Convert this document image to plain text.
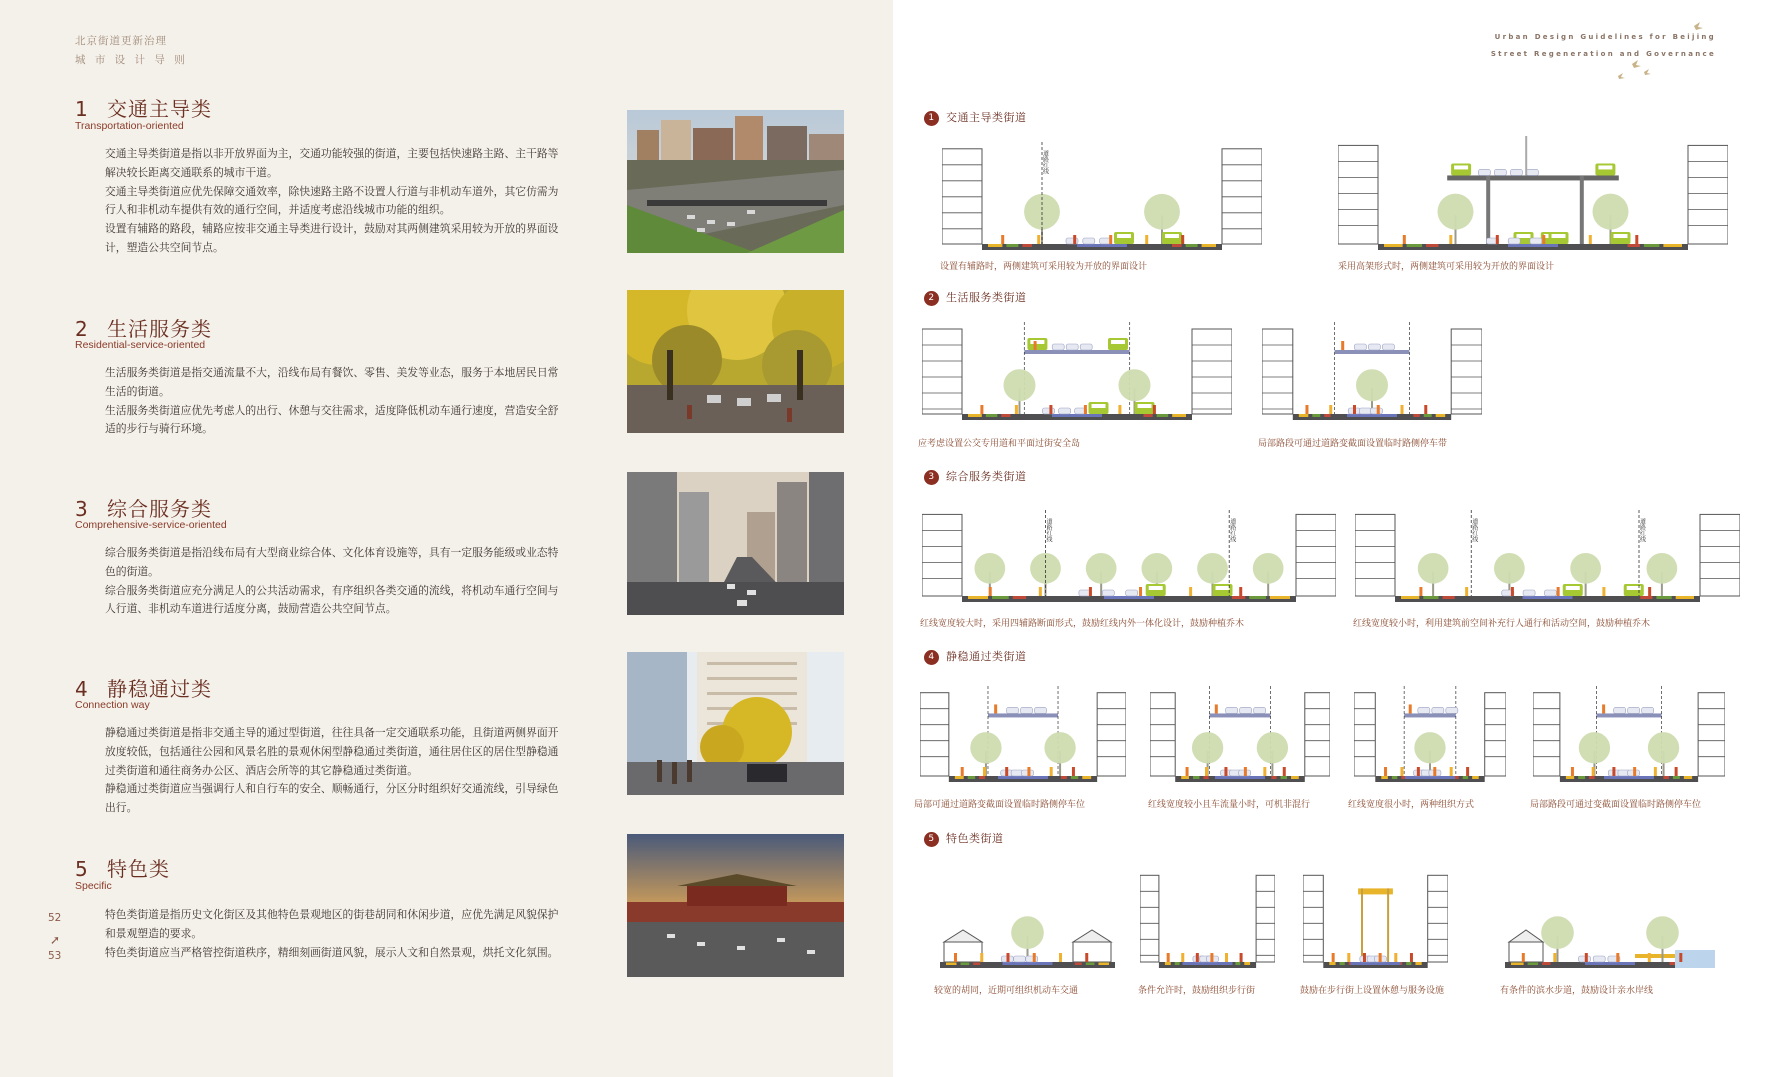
北京街道更新治理
城 市 设 计 导 则
Urban Design Guidelines for Beijing
Street Regeneration and Governance
1 交通主导类
Transportation-oriented

交通主导类街道是指以非开放界面为主，交通功能较强的街道，主要包括快速路主路、主干路等解决较长距离交通联系的城市干道。

交通主导类街道应优先保障交通效率，除快速路主路不设置人行道与非机动车道外，其它仿需为行人和非机动车提供有效的通行空间，并适度考虑沿线城市功能的组织。

设置有辅路的路段，辅路应按非交通主导类进行设计，鼓励对其两侧建筑采用较为开放的界面设计，塑造公共空间节点。

2 生活服务类
Residential-service-oriented

生活服务类街道是指交通流量不大，沿线布局有餐饮、零售、美发等业态，服务于本地居民日常生活的街道。

生活服务类街道应优先考虑人的出行、休憩与交往需求，适度降低机动车通行速度，营造安全舒适的步行与骑行环境。

3 综合服务类
Comprehensive-service-oriented

综合服务类街道是指沿线布局有大型商业综合体、文化体育设施等，具有一定服务能级或业态特色的街道。

综合服务类街道应充分满足人的公共活动需求，有序组织各类交通的流线，将机动车通行空间与人行道、非机动车道进行适度分离，鼓励营造公共空间节点。

4 静稳通过类
Connection way

静稳通过类街道是指非交通主导的通过型街道，往往具备一定交通联系功能，且街道两侧界面开放度较低，包括通往公园和风景名胜的景观休闲型静稳通过类街道，通往居住区的居住型静稳通过类街道和通往商务办公区、酒店会所等的其它静稳通过类街道。

静稳通过类街道应当强调行人和自行车的安全、顺畅通行，分区分时组织好交通流线，引导绿色出行。

5 特色类
Specific

特色类街道是指历史文化街区及其他特色景观地区的街巷胡同和休闲步道，应优先满足风貌保护和景观塑造的要求。

特色类街道应当严格管控街道秩序，精细刻画街道风貌，展示人文和自然景观，烘托文化氛围。

52
➚
53
1 交通主导类街道
2 生活服务类街道
3 综合服务类街道
4 静稳通过类街道
5 特色类街道
道路红线
道路红线	道路红线	道路红线	道路红线
设置有辅路时，两侧建筑可采用较为开放的界面设计	采用高架形式时，两侧建筑可采用较为开放的界面设计
应考虑设置公交专用道和平面过街安全岛	局部路段可通过道路变截面设置临时路侧停车带
红线宽度较大时，采用四辅路断面形式，鼓励红线内外一体化设计，鼓励种植乔木	红线宽度较小时，利用建筑前空间补充行人通行和活动空间，鼓励种植乔木
局部可通过道路变截面设置临时路侧停车位	红线宽度较小且车流量小时，可机非混行	红线宽度很小时，两种组织方式	局部路段可通过变截面设置临时路侧停车位
较宽的胡同，近期可组织机动车交通	条件允许时，鼓励组织步行街	鼓励在步行街上设置休憩与服务设施	有条件的滨水步道，鼓励设计亲水岸线
